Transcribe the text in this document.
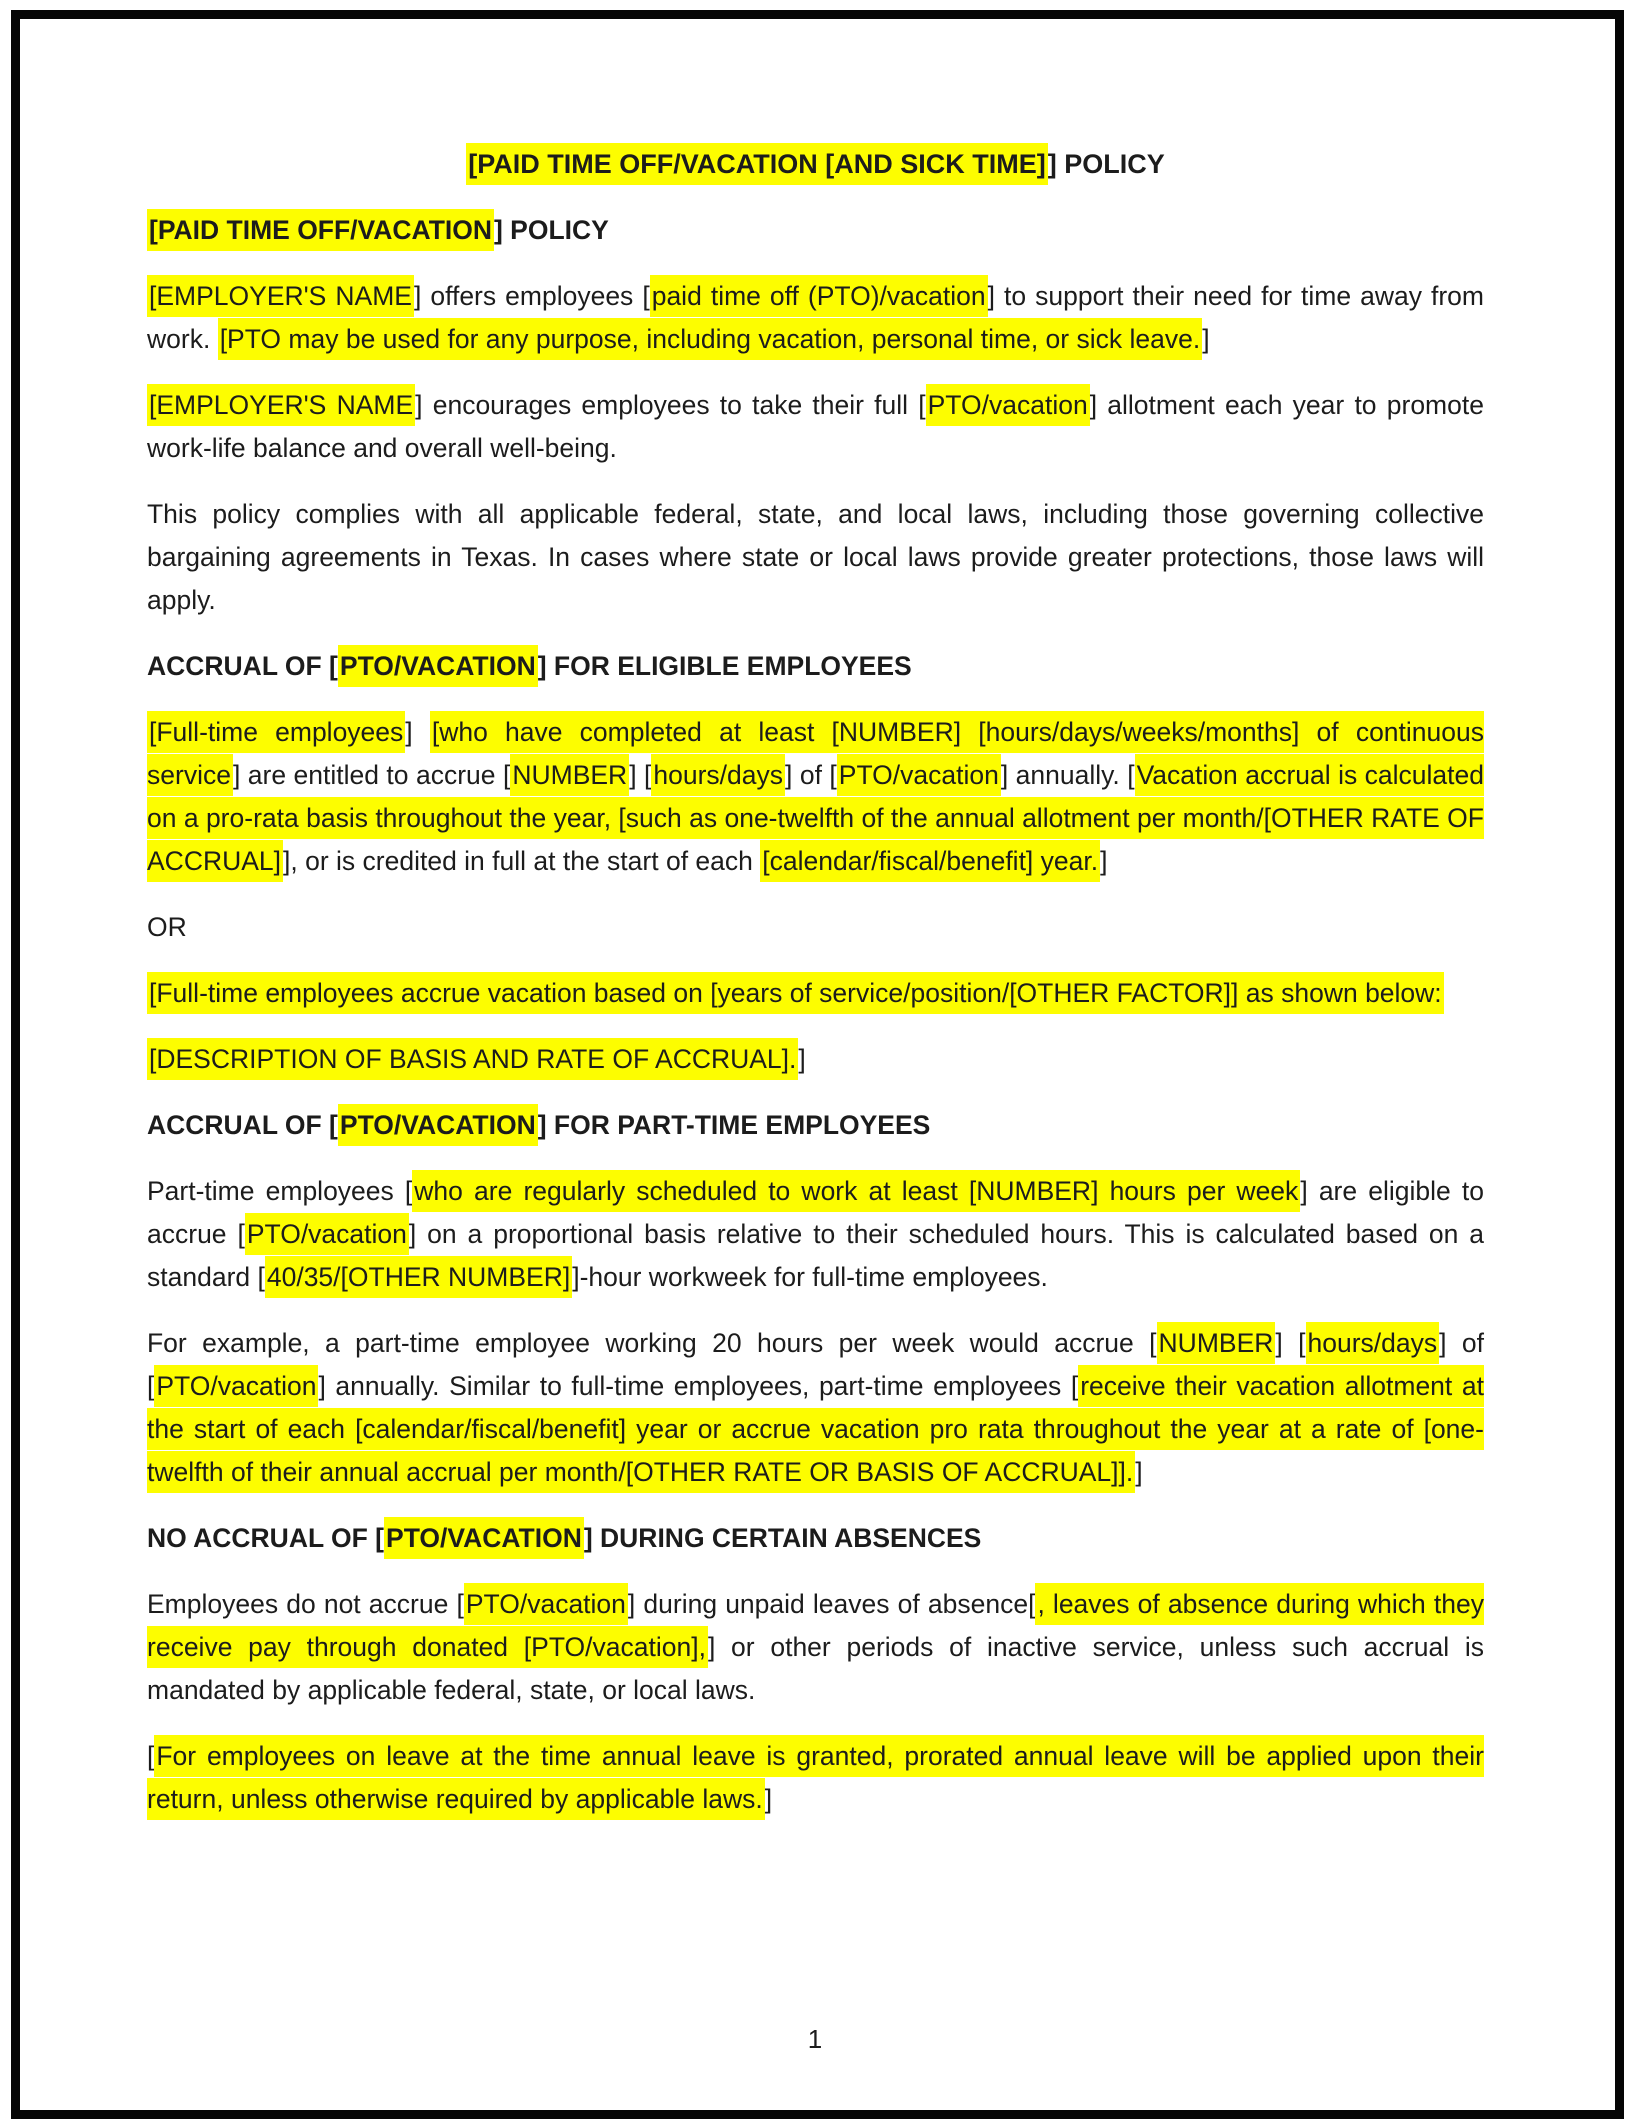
[PAID TIME OFF/VACATION [AND SICK TIME]] POLICY
[PAID TIME OFF/VACATION] POLICY
[EMPLOYER'S NAME] offers employees [paid time off (PTO)/vacation] to support their need for time away from work. [PTO may be used for any purpose, including vacation, personal time, or sick leave.]
[EMPLOYER'S NAME] encourages employees to take their full [PTO/vacation] allotment each year to promote work-life balance and overall well-being.
This policy complies with all applicable federal, state, and local laws, including those governing collective bargaining agreements in Texas. In cases where state or local laws provide greater protections, those laws will apply.
ACCRUAL OF [PTO/VACATION] FOR ELIGIBLE EMPLOYEES
[Full-time employees] [who have completed at least [NUMBER] [hours/days/weeks/months] of continuous service] are entitled to accrue [NUMBER] [hours/days] of [PTO/vacation] annually. [Vacation accrual is calculated on a pro-rata basis throughout the year, [such as one-twelfth of the annual allotment per month/[OTHER RATE OF ACCRUAL]], or is credited in full at the start of each [calendar/fiscal/benefit] year.]
OR
[Full-time employees accrue vacation based on [years of service/position/[OTHER FACTOR]] as shown below:
[DESCRIPTION OF BASIS AND RATE OF ACCRUAL].]
ACCRUAL OF [PTO/VACATION] FOR PART-TIME EMPLOYEES
Part-time employees [who are regularly scheduled to work at least [NUMBER] hours per week] are eligible to accrue [PTO/vacation] on a proportional basis relative to their scheduled hours. This is calculated based on a standard [40/35/[OTHER NUMBER]]-hour workweek for full-time employees.
For example, a part-time employee working 20 hours per week would accrue [NUMBER] [hours/days] of [PTO/vacation] annually. Similar to full-time employees, part-time employees [receive their vacation allotment at the start of each [calendar/fiscal/benefit] year or accrue vacation pro rata throughout the year at a rate of [one-twelfth of their annual accrual per month/[OTHER RATE OR BASIS OF ACCRUAL]].]
NO ACCRUAL OF [PTO/VACATION] DURING CERTAIN ABSENCES
Employees do not accrue [PTO/vacation] during unpaid leaves of absence[, leaves of absence during which they receive pay through donated [PTO/vacation],] or other periods of inactive service, unless such accrual is mandated by applicable federal, state, or local laws.
[For employees on leave at the time annual leave is granted, prorated annual leave will be applied upon their return, unless otherwise required by applicable laws.]
1
